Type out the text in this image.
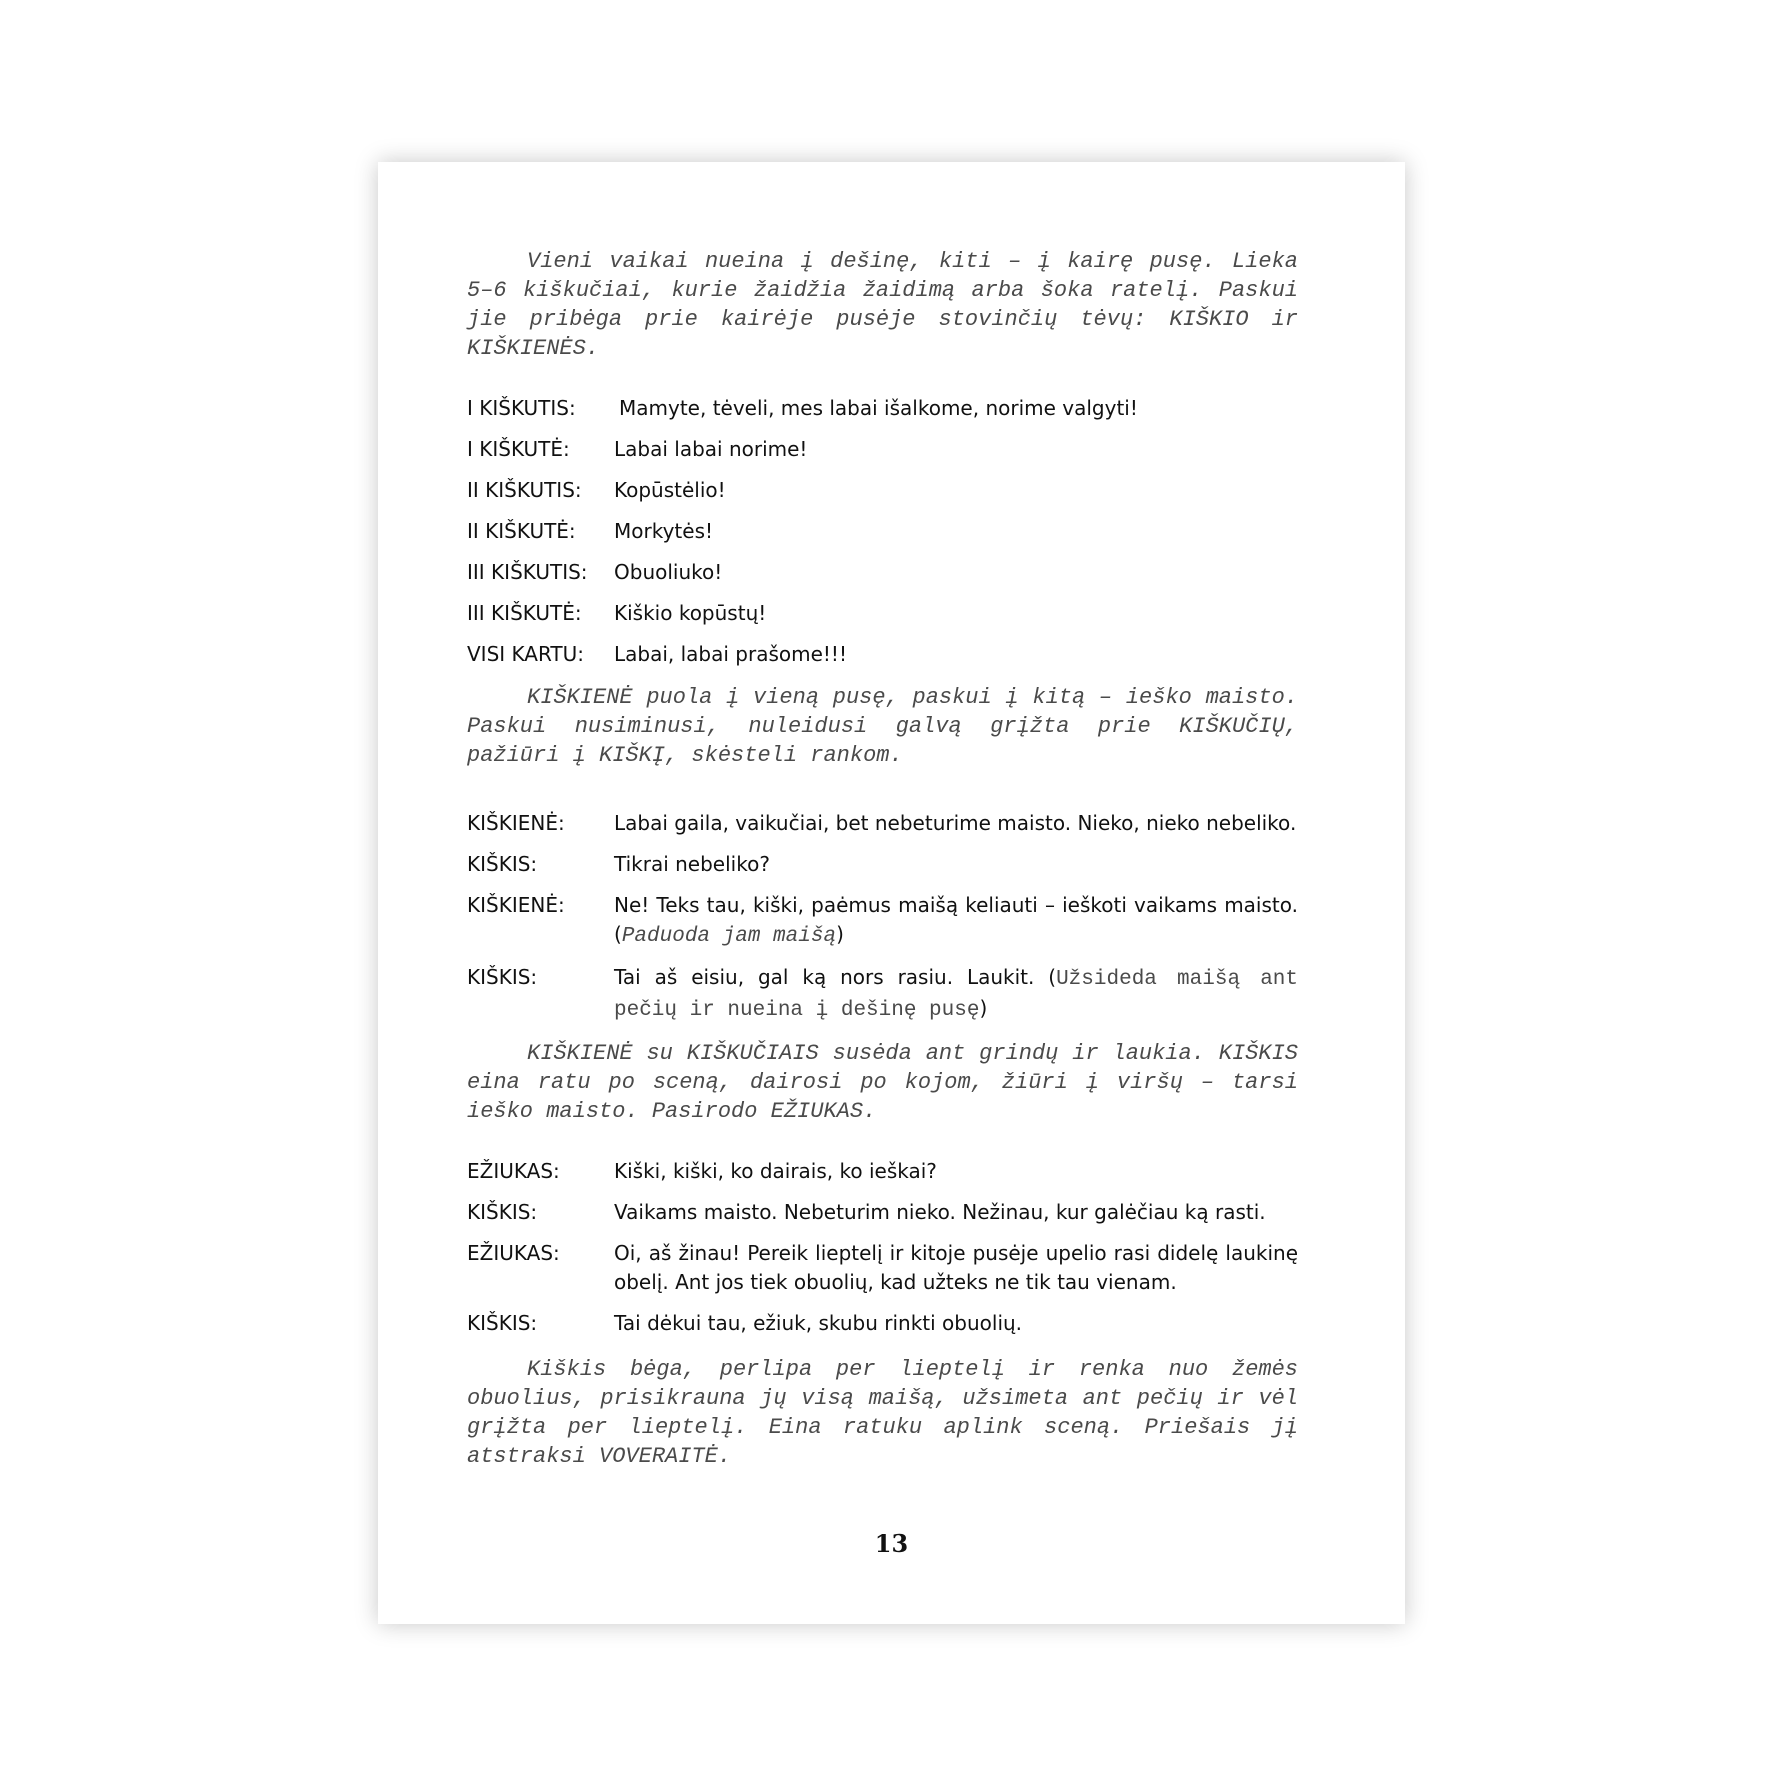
Vieni vaikai nueina į dešinę, kiti – į kairę pusę. Lieka 5–6 kiškučiai, kurie žaidžia žaidimą arba šoka ratelį. Paskui jie pribėga prie kairėje pusėje stovinčių tėvų: KIŠKIO ir KIŠKIENĖS.

I KIŠKUTIS:	Mamyte, tėveli, mes labai išalkome, norime valgyti!
I KIŠKUTĖ:	Labai labai norime!
II KIŠKUTIS:	Kopūstėlio!
II KIŠKUTĖ:	Morkytės!
III KIŠKUTIS:	Obuoliuko!
III KIŠKUTĖ:	Kiškio kopūstų!
VISI KARTU:	Labai, labai prašome!!!

KIŠKIENĖ puola į vieną pusę, paskui į kitą – ieško maisto. Paskui nusiminusi, nuleidusi galvą grįžta prie KIŠKUČIŲ, pažiūri į KIŠKĮ, skėsteli rankom.

KIŠKIENĖ:	Labai gaila, vaikučiai, bet nebeturime maisto. Nieko, nieko nebeliko.
KIŠKIS:	Tikrai nebeliko?
KIŠKIENĖ:	Ne! Teks tau, kiški, paėmus maišą keliauti – ieškoti vaikams maisto. (Paduoda jam maišą)
KIŠKIS:	Tai aš eisiu, gal ką nors rasiu. Laukit. (Užsideda maišą ant pečių ir nueina į dešinę pusę)

KIŠKIENĖ su KIŠKUČIAIS susėda ant grindų ir laukia. KIŠKIS eina ratu po sceną, dairosi po kojom, žiūri į viršų – tarsi ieško maisto. Pasirodo EŽIUKAS.

EŽIUKAS:	Kiški, kiški, ko dairais, ko ieškai?
KIŠKIS:	Vaikams maisto. Nebeturim nieko. Nežinau, kur galėčiau ką rasti.
EŽIUKAS:	Oi, aš žinau! Pereik lieptelį ir kitoje pusėje upelio rasi didelę laukinę obelį. Ant jos tiek obuolių, kad užteks ne tik tau vienam.
KIŠKIS:	Tai dėkui tau, ežiuk, skubu rinkti obuolių.

Kiškis bėga, perlipa per lieptelį ir renka nuo žemės obuolius, prisikrauna jų visą maišą, užsimeta ant pečių ir vėl grįžta per lieptelį. Eina ratuku aplink sceną. Priešais jį atstraksi VOVERAITĖ.

13
